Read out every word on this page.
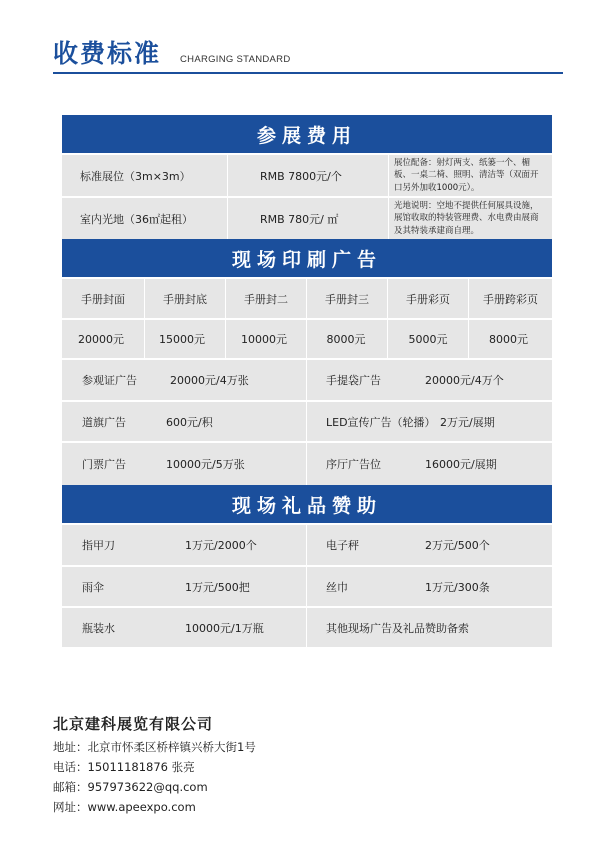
收费标准 CHARGING STANDARD
参展费用
标准展位（3m×3m）	RMB 7800元/个
展位配备：射灯两支、纸篓一个、楣板、一桌二椅、照明、清洁等（双面开口另外加收1000元）。
室内光地（36㎡起租）	RMB 780元/ ㎡
光地说明：空地不提供任何展具设施，展馆收取的特装管理费、水电费由展商及其特装承建商自理。
现场印刷广告
手册封面	手册封底	手册封二	手册封三	手册彩页	手册跨彩页
20000元	15000元	10000元	8000元	5000元	8000元
参观证广告	20000元/4万张	手提袋广告	20000元/4万个
道旗广告	600元/积	LED宣传广告（轮播） 2万元/展期
门票广告	10000元/5万张	序厅广告位	16000元/展期
现场礼品赞助
指甲刀	1万元/2000个	电子秤	2万元/500个
雨伞	1万元/500把	丝巾	1万元/300条
瓶装水	10000元/1万瓶	其他现场广告及礼品赞助备索
北京建科展览有限公司
地址：北京市怀柔区桥梓镇兴桥大街1号
电话：15011181876 张亮
邮箱：957973622@qq.com
网址：www.apeexpo.com
